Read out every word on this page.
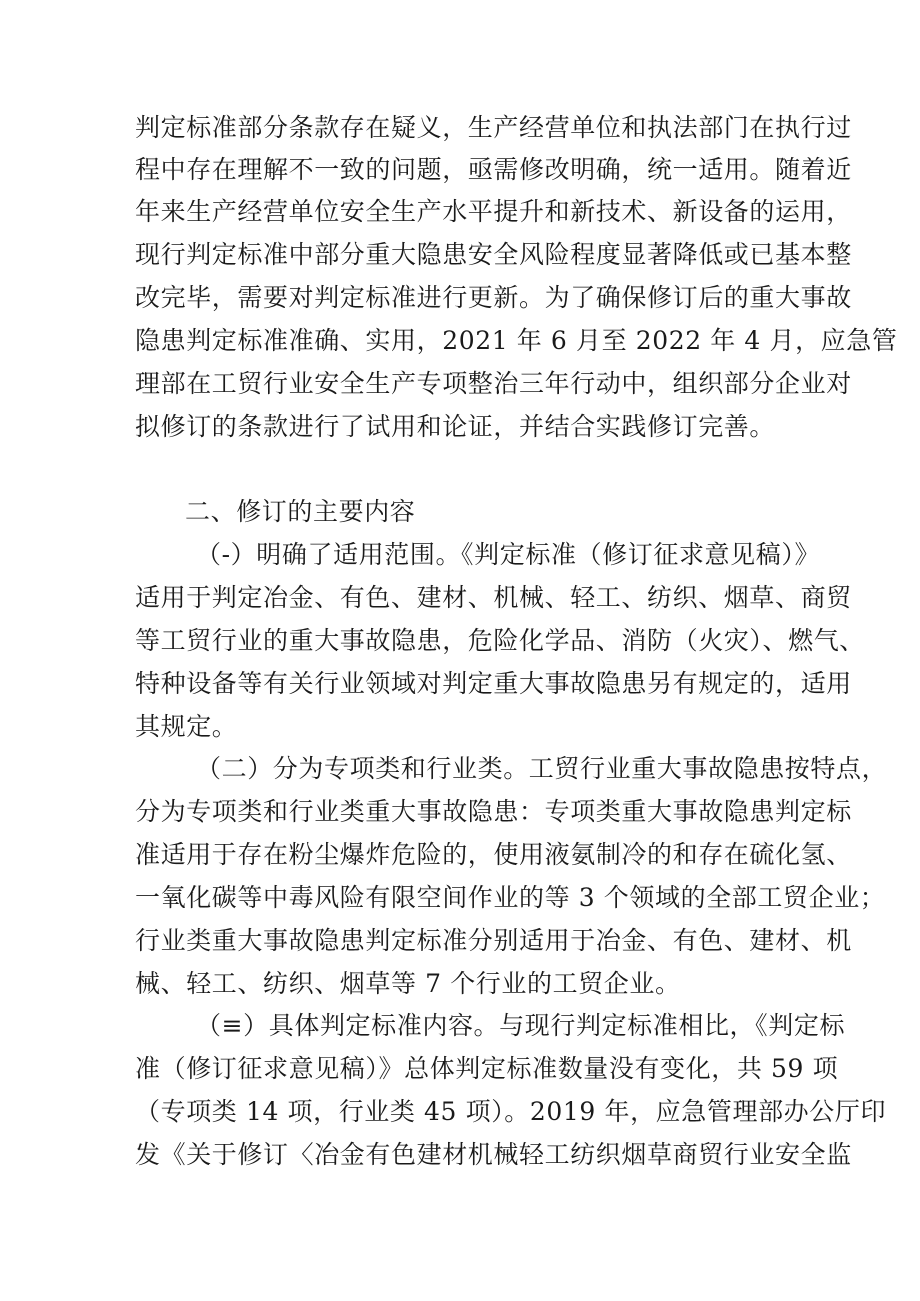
判定标准部分条款存在疑义，生产经营单位和执法部门在执行过
程中存在理解不一致的问题，亟需修改明确，统一适用。随着近
年来生产经营单位安全生产水平提升和新技术、新设备的运用，
现行判定标准中部分重大隐患安全风险程度显著降低或已基本整
改完毕，需要对判定标准进行更新。为了确保修订后的重大事故
隐患判定标准准确、实用，2021 年 6 月至 2022 年 4 月，应急管
理部在工贸行业安全生产专项整治三年行动中，组织部分企业对
拟修订的条款进行了试用和论证，并结合实践修订完善。
二、修订的主要内容
（-）明确了适用范围。《判定标准（修订征求意见稿）》
适用于判定冶金、有色、建材、机械、轻工、纺织、烟草、商贸
等工贸行业的重大事故隐患，危险化学品、消防（火灾）、燃气、
特种设备等有关行业领域对判定重大事故隐患另有规定的，适用
其规定。
（二）分为专项类和行业类。工贸行业重大事故隐患按特点，
分为专项类和行业类重大事故隐患：专项类重大事故隐患判定标
准适用于存在粉尘爆炸危险的，使用液氨制冷的和存在硫化氢、
一氧化碳等中毒风险有限空间作业的等 3 个领域的全部工贸企业；
行业类重大事故隐患判定标准分别适用于冶金、有色、建材、机
械、轻工、纺织、烟草等 7 个行业的工贸企业。
（≡）具体判定标准内容。与现行判定标准相比，《判定标
准（修订征求意见稿）》总体判定标准数量没有变化，共 59 项
（专项类 14 项，行业类 45 项）。2019 年，应急管理部办公厅印
发《关于修订〈冶金有色建材机械轻工纺织烟草商贸行业安全监
